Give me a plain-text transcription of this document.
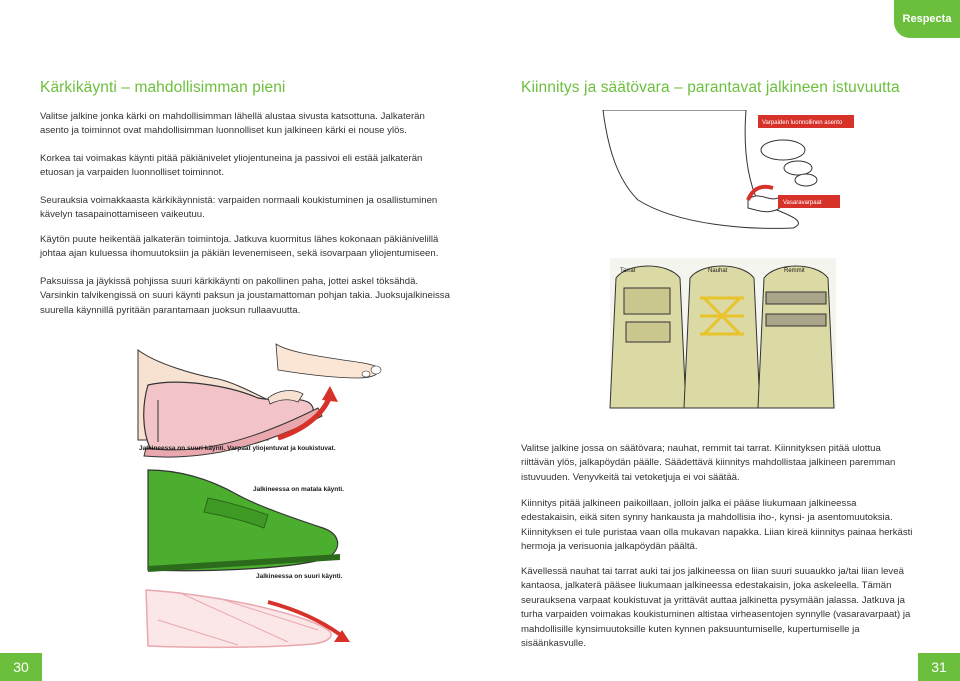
Respecta
Kärkikäynti – mahdollisimman pieni

Valitse jalkine jonka kärki on mahdollisimman lähellä alustaa sivusta katsottuna. Jalkaterän asento ja toiminnot ovat mahdollisimman luonnolliset kun jalkineen kärki ei nouse ylös.

Korkea tai voimakas käynti pitää päkiänivelet yliojentuneina ja passivoi eli estää jalkaterän etuosan ja varpaiden luonnolliset toiminnot.

Seurauksia voimakkaasta kärkikäynnistä: varpaiden normaali koukistuminen ja osallistuminen kävelyn tasapainottamiseen vaikeutuu.

Käytön puute heikentää jalkaterän toimintoja. Jatkuva kuormitus lähes kokonaan päkiänivelillä johtaa ajan kuluessa ihomuutoksiin ja päkiän levenemiseen, sekä isovarpaan yliojentumiseen.

Paksuissa ja jäykissä pohjissa suuri kärkikäynti on pakollinen paha, jottei askel töksähdä. Varsinkin talvikengissä on suuri käynti paksun ja joustamattoman pohjan takia. Juoksujalkineissa suurella käynnillä pyritään parantamaan juoksun rullaavuutta.

Jalkineessa on suuri käynti. Varpaat yliojentuvat ja koukistuvat.
Jalkineessa on matala käynti.
Jalkineessa on suuri käynti.
30
Kiinnitys ja säätövara – parantavat jalkineen istuvuutta
Varpaiden luonnollinen asento
Vasaravarpaat
Tarrat	Nauhat	Remmit

Valitse jalkine jossa on säätövara; nauhat, remmit tai tarrat. Kiinnityksen pitää ulottua riittävän ylös, jalkapöydän päälle. Säädettävä kiinnitys mahdollistaa jalkineen paremman istuvuuden. Venyvkeitä tai vetoketjuja ei voi säätää.

Kiinnitys pitää jalkineen paikoillaan, jolloin jalka ei pääse liukumaan jalkineessa edestakaisin, eikä siten synny hankausta ja mahdollisia iho-, kynsi- ja asentomuutoksia. Kiinnityksen ei tule puristaa vaan olla mukavan napakka. Liian kireä kiinnitys painaa herkästi hermoja ja verisuonia jalkapöydän päältä.

Kävellessä nauhat tai tarrat auki tai jos jalkineessa on liian suuri suuaukko ja/tai liian leveä kantaosa, jalkaterä pääsee liukumaan jalkineessa edestakaisin, joka askeleella. Tämän seurauksena varpaat koukistuvat ja yrittävät auttaa jalkinetta pysymään jalassa. Jatkuva ja turha varpaiden voimakas koukistuminen altistaa virheasentojen synnylle (vasaravarpaat) ja mahdollisille kynsimuutoksille kuten kynnen paksuuntumiselle, kupertumiselle ja sisäänkasvulle.

31
